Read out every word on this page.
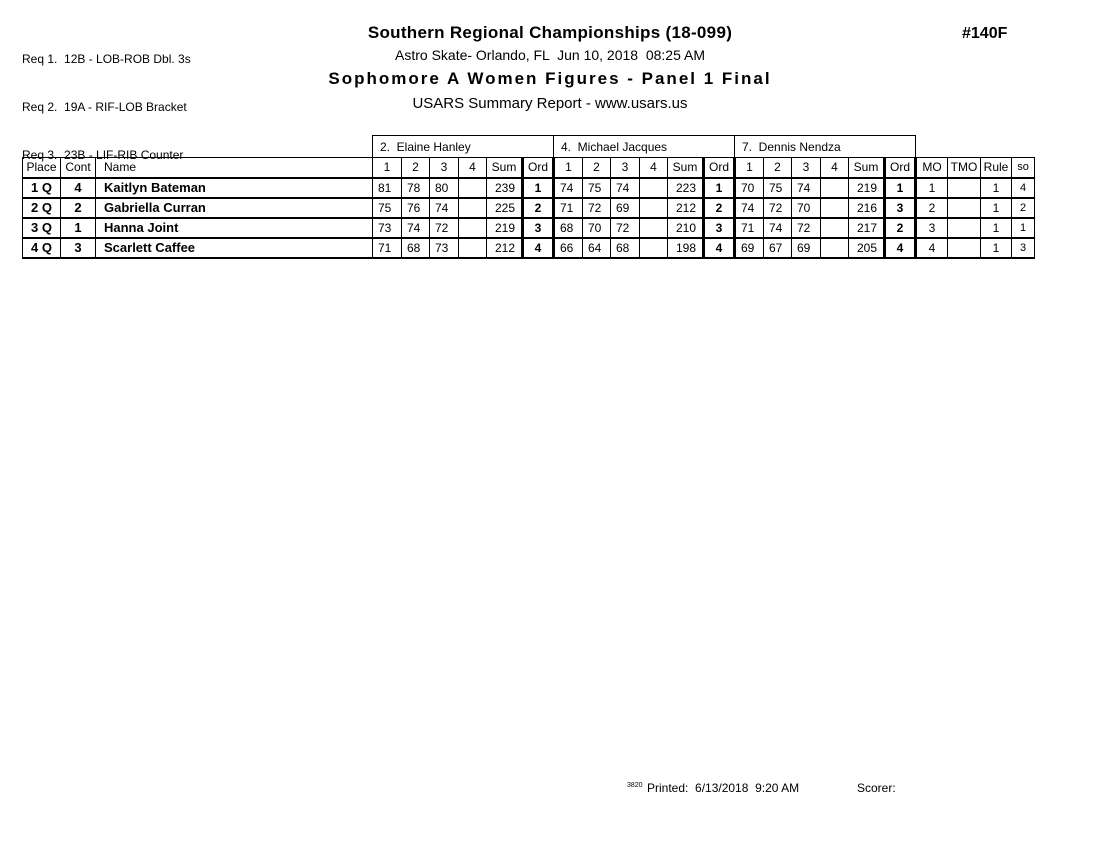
Req 1.  12B - LOB-ROB Dbl. 3s

Req 2.  19A - RIF-LOB Bracket

Req 3.  23B - LIF-RIB Counter

Southern Regional Championships (18-099)
Astro Skate- Orlando, FL  Jun 10, 2018  08:25 AM
Sophomore A Women Figures - Panel 1 Final
USARS Summary Report - www.usars.us
#140F
			2.  Elaine Hanley						4.  Michael Jacques						7.  Dennis Nendza									
Place	Cont	Name	1	2	3	4	Sum	Ord	1	2	3	4	Sum	Ord	1	2	3	4	Sum	Ord	MO	TMO	Rule	so
1 Q	4	Kaitlyn Bateman	81	78	80		239	1	74	75	74		223	1	70	75	74		219	1	1		1	4
2 Q	2	Gabriella Curran	75	76	74		225	2	71	72	69		212	2	74	72	70		216	3	2		1	2
3 Q	1	Hanna Joint	73	74	72		219	3	68	70	72		210	3	71	74	72		217	2	3		1	1
4 Q	3	Scarlett Caffee	71	68	73		212	4	66	64	68		198	4	69	67	69		205	4	4		1	3
3820 Printed:  6/13/2018  9:20 AM	Scorer:
